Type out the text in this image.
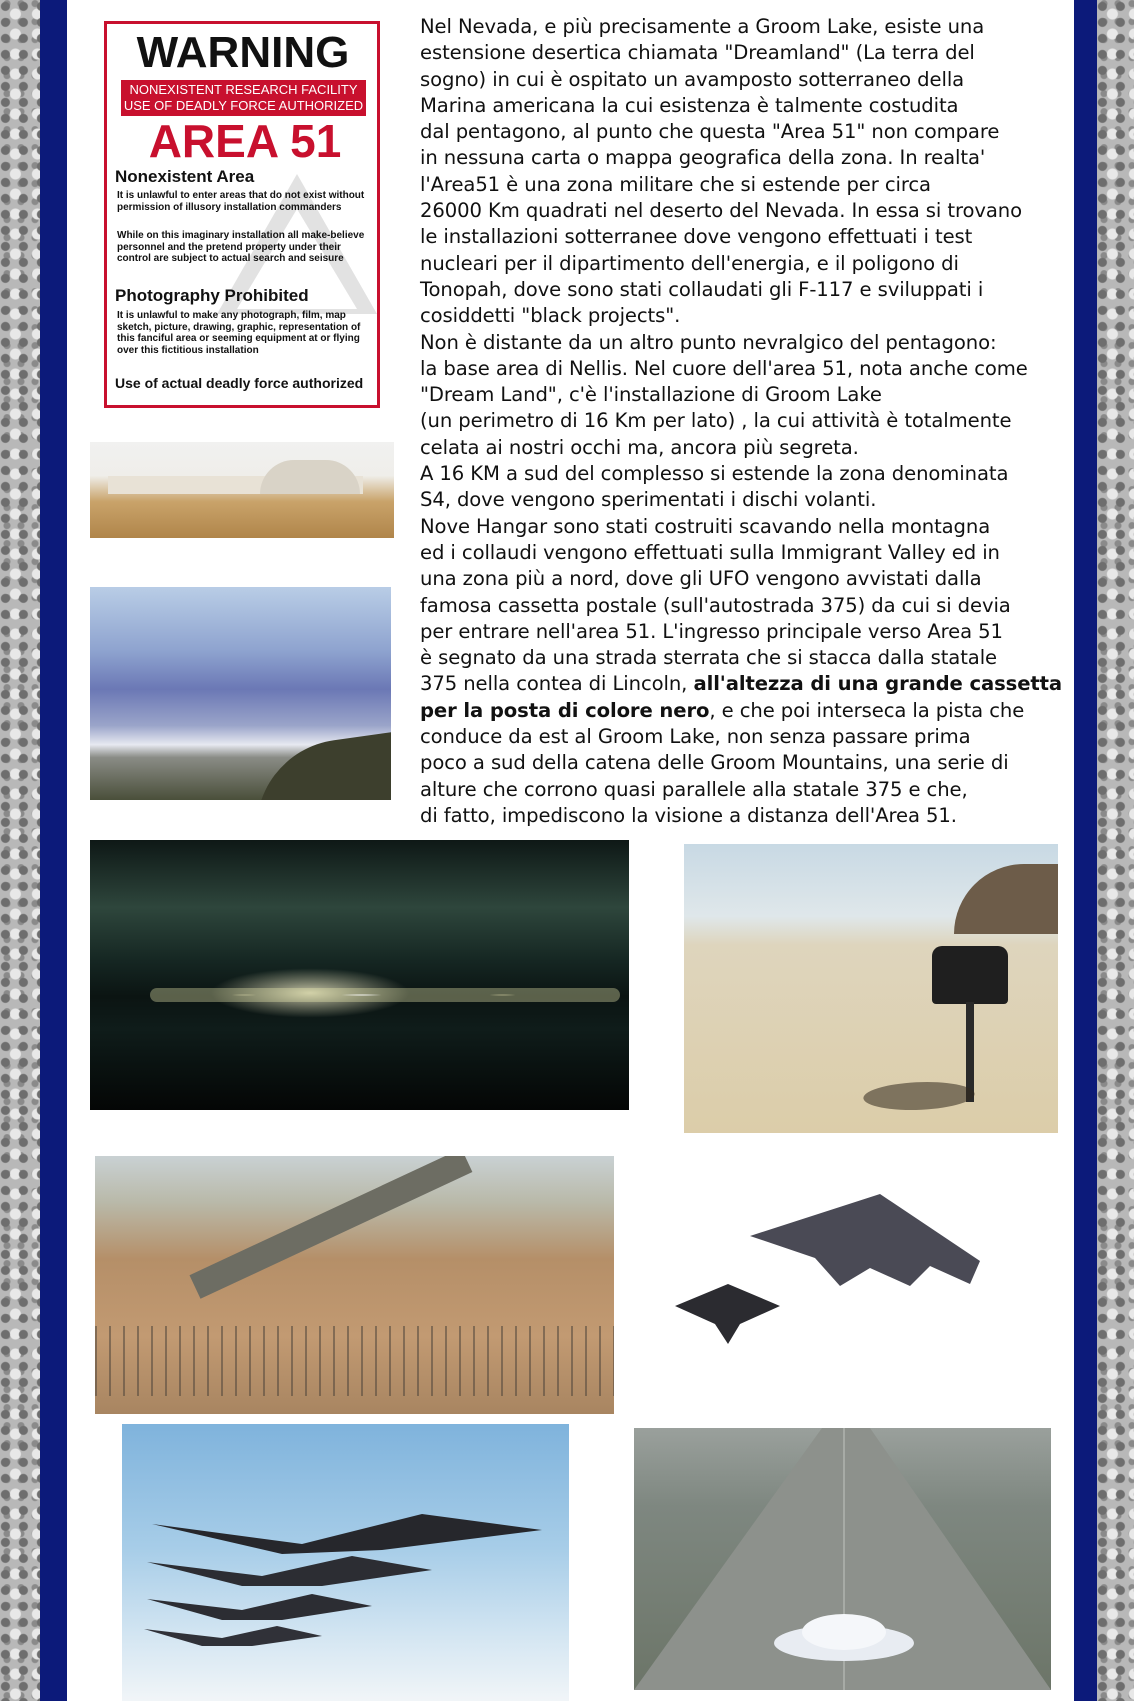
WARNING
NONEXISTENT RESEARCH FACILITY
USE OF DEADLY FORCE AUTHORIZED
AREA 51
Nonexistent Area
It is unlawful to enter areas that do not exist without permission of illusory installation commanders
While on this imaginary installation all make-believe personnel and the pretend property under their control are subject to actual search and seisure
Photography Prohibited
It is unlawful to make any photograph, film, map sketch, picture, drawing, graphic, representation of this fanciful area or seeming equipment at or flying over this fictitious installation
Use of actual deadly force authorized
Nel Nevada, e più precisamente a Groom Lake, esiste una
estensione desertica chiamata "Dreamland" (La terra del
sogno) in cui è ospitato un avamposto sotterraneo della
Marina americana la cui esistenza è talmente costudita
dal pentagono, al punto che questa "Area 51" non compare
in nessuna carta o mappa geografica della zona. In realta'
l'Area51 è una zona militare che si estende per circa
26000 Km quadrati nel deserto del Nevada. In essa si trovano
le installazioni sotterranee dove vengono effettuati i test
nucleari per il dipartimento dell'energia, e il poligono di
Tonopah, dove sono stati collaudati gli F-117 e sviluppati i
cosiddetti "black projects".
Non è distante da un altro punto nevralgico del pentagono:
la base area di Nellis. Nel cuore dell'area 51, nota anche come
"Dream Land", c'è l'installazione di Groom Lake
(un perimetro di 16 Km per lato) , la cui attività è totalmente
celata ai nostri occhi ma, ancora più segreta.
A 16 KM a sud del complesso si estende la zona denominata
S4, dove vengono sperimentati i dischi volanti.
Nove Hangar sono stati costruiti scavando nella montagna
ed i collaudi vengono effettuati sulla Immigrant Valley ed in
una zona più a nord, dove gli UFO vengono avvistati dalla
famosa cassetta postale (sull'autostrada 375) da cui si devia
per entrare nell'area 51. L'ingresso principale verso Area 51
è segnato da una strada sterrata che si stacca dalla statale
375 nella contea di Lincoln, all'altezza di una grande cassetta
per la posta di colore nero, e che poi interseca la pista che
conduce da est al Groom Lake, non senza passare prima
poco a sud della catena delle Groom Mountains, una serie di
alture che corrono quasi parallele alla statale 375 e che,
di fatto, impediscono la visione a distanza dell'Area 51.
